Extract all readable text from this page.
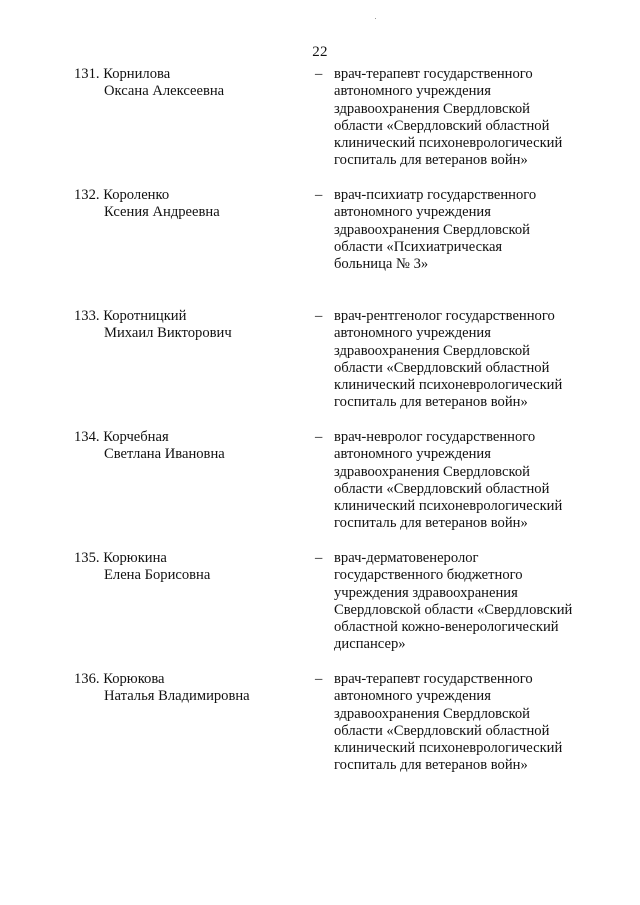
22
131. Корнилова
Оксана Алексеевна
– врач-терапевт государственного
автономного учреждения
здравоохранения Свердловской
области «Свердловский областной
клинический психоневрологический
госпиталь для ветеранов войн»
132. Короленко
Ксения Андреевна
– врач-психиатр государственного
автономного учреждения
здравоохранения Свердловской
области «Психиатрическая
больница № 3»
133. Коротницкий
Михаил Викторович
– врач-рентгенолог государственного
автономного учреждения
здравоохранения Свердловской
области «Свердловский областной
клинический психоневрологический
госпиталь для ветеранов войн»
134. Корчебная
Светлана Ивановна
– врач-невролог государственного
автономного учреждения
здравоохранения Свердловской
области «Свердловский областной
клинический психоневрологический
госпиталь для ветеранов войн»
135. Корюкина
Елена Борисовна
– врач-дерматовенеролог
государственного бюджетного
учреждения здравоохранения
Свердловской области «Свердловский
областной кожно-венерологический
диспансер»
136. Корюкова
Наталья Владимировна
– врач-терапевт государственного
автономного учреждения
здравоохранения Свердловской
области «Свердловский областной
клинический психоневрологический
госпиталь для ветеранов войн»
